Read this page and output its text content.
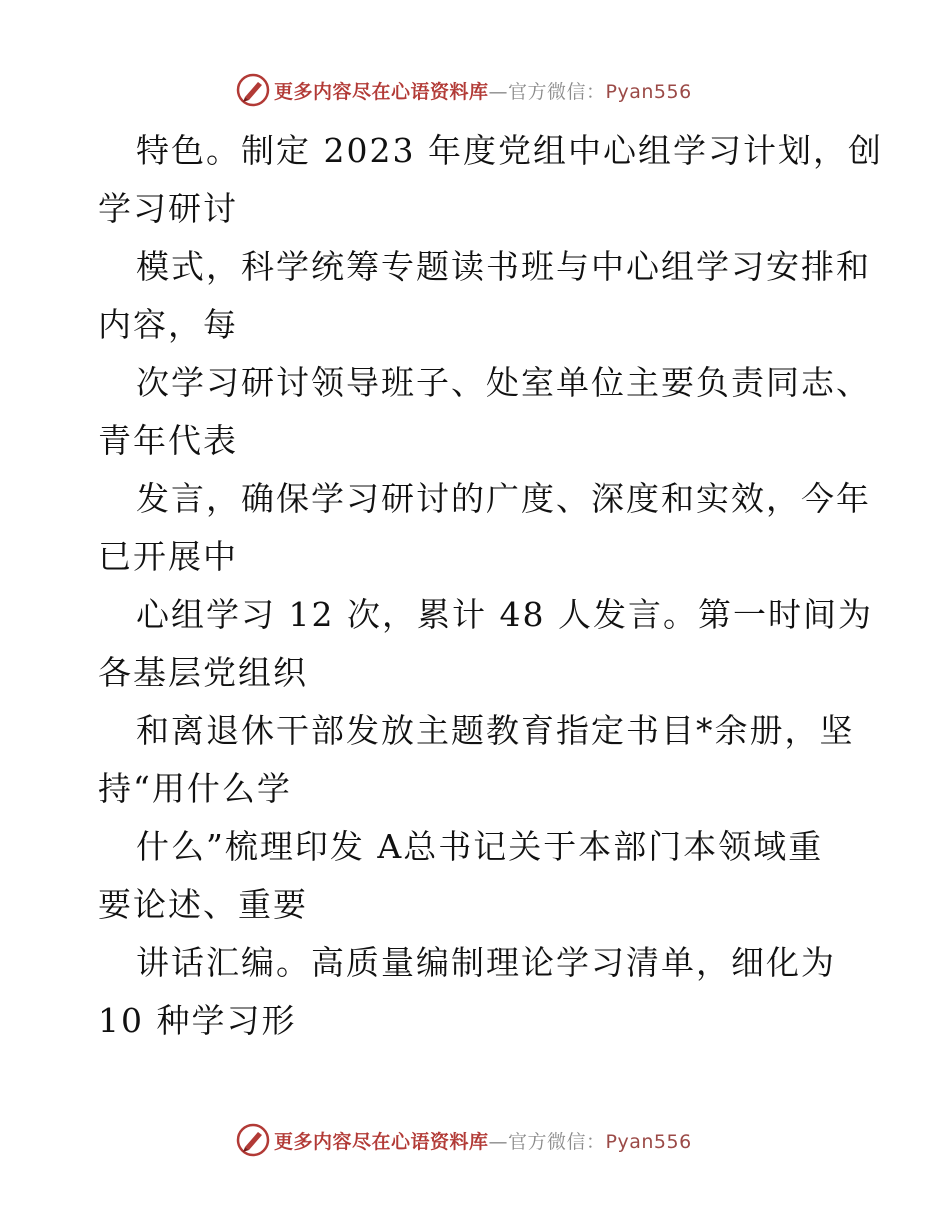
更多内容尽在心语资料库—官方微信：Pyan556
特色。制定 2023 年度党组中心组学习计划，创
学习研讨
模式，科学统筹专题读书班与中心组学习安排和
内容，每
次学习研讨领导班子、处室单位主要负责同志、
青年代表
发言，确保学习研讨的广度、深度和实效，今年
已开展中
心组学习 12 次，累计 48 人发言。第一时间为
各基层党组织
和离退休干部发放主题教育指定书目*余册，坚
持“用什么学
什么”梳理印发 A总书记关于本部门本领域重
要论述、重要
讲话汇编。高质量编制理论学习清单，细化为
10 种学习形
更多内容尽在心语资料库—官方微信：Pyan556
